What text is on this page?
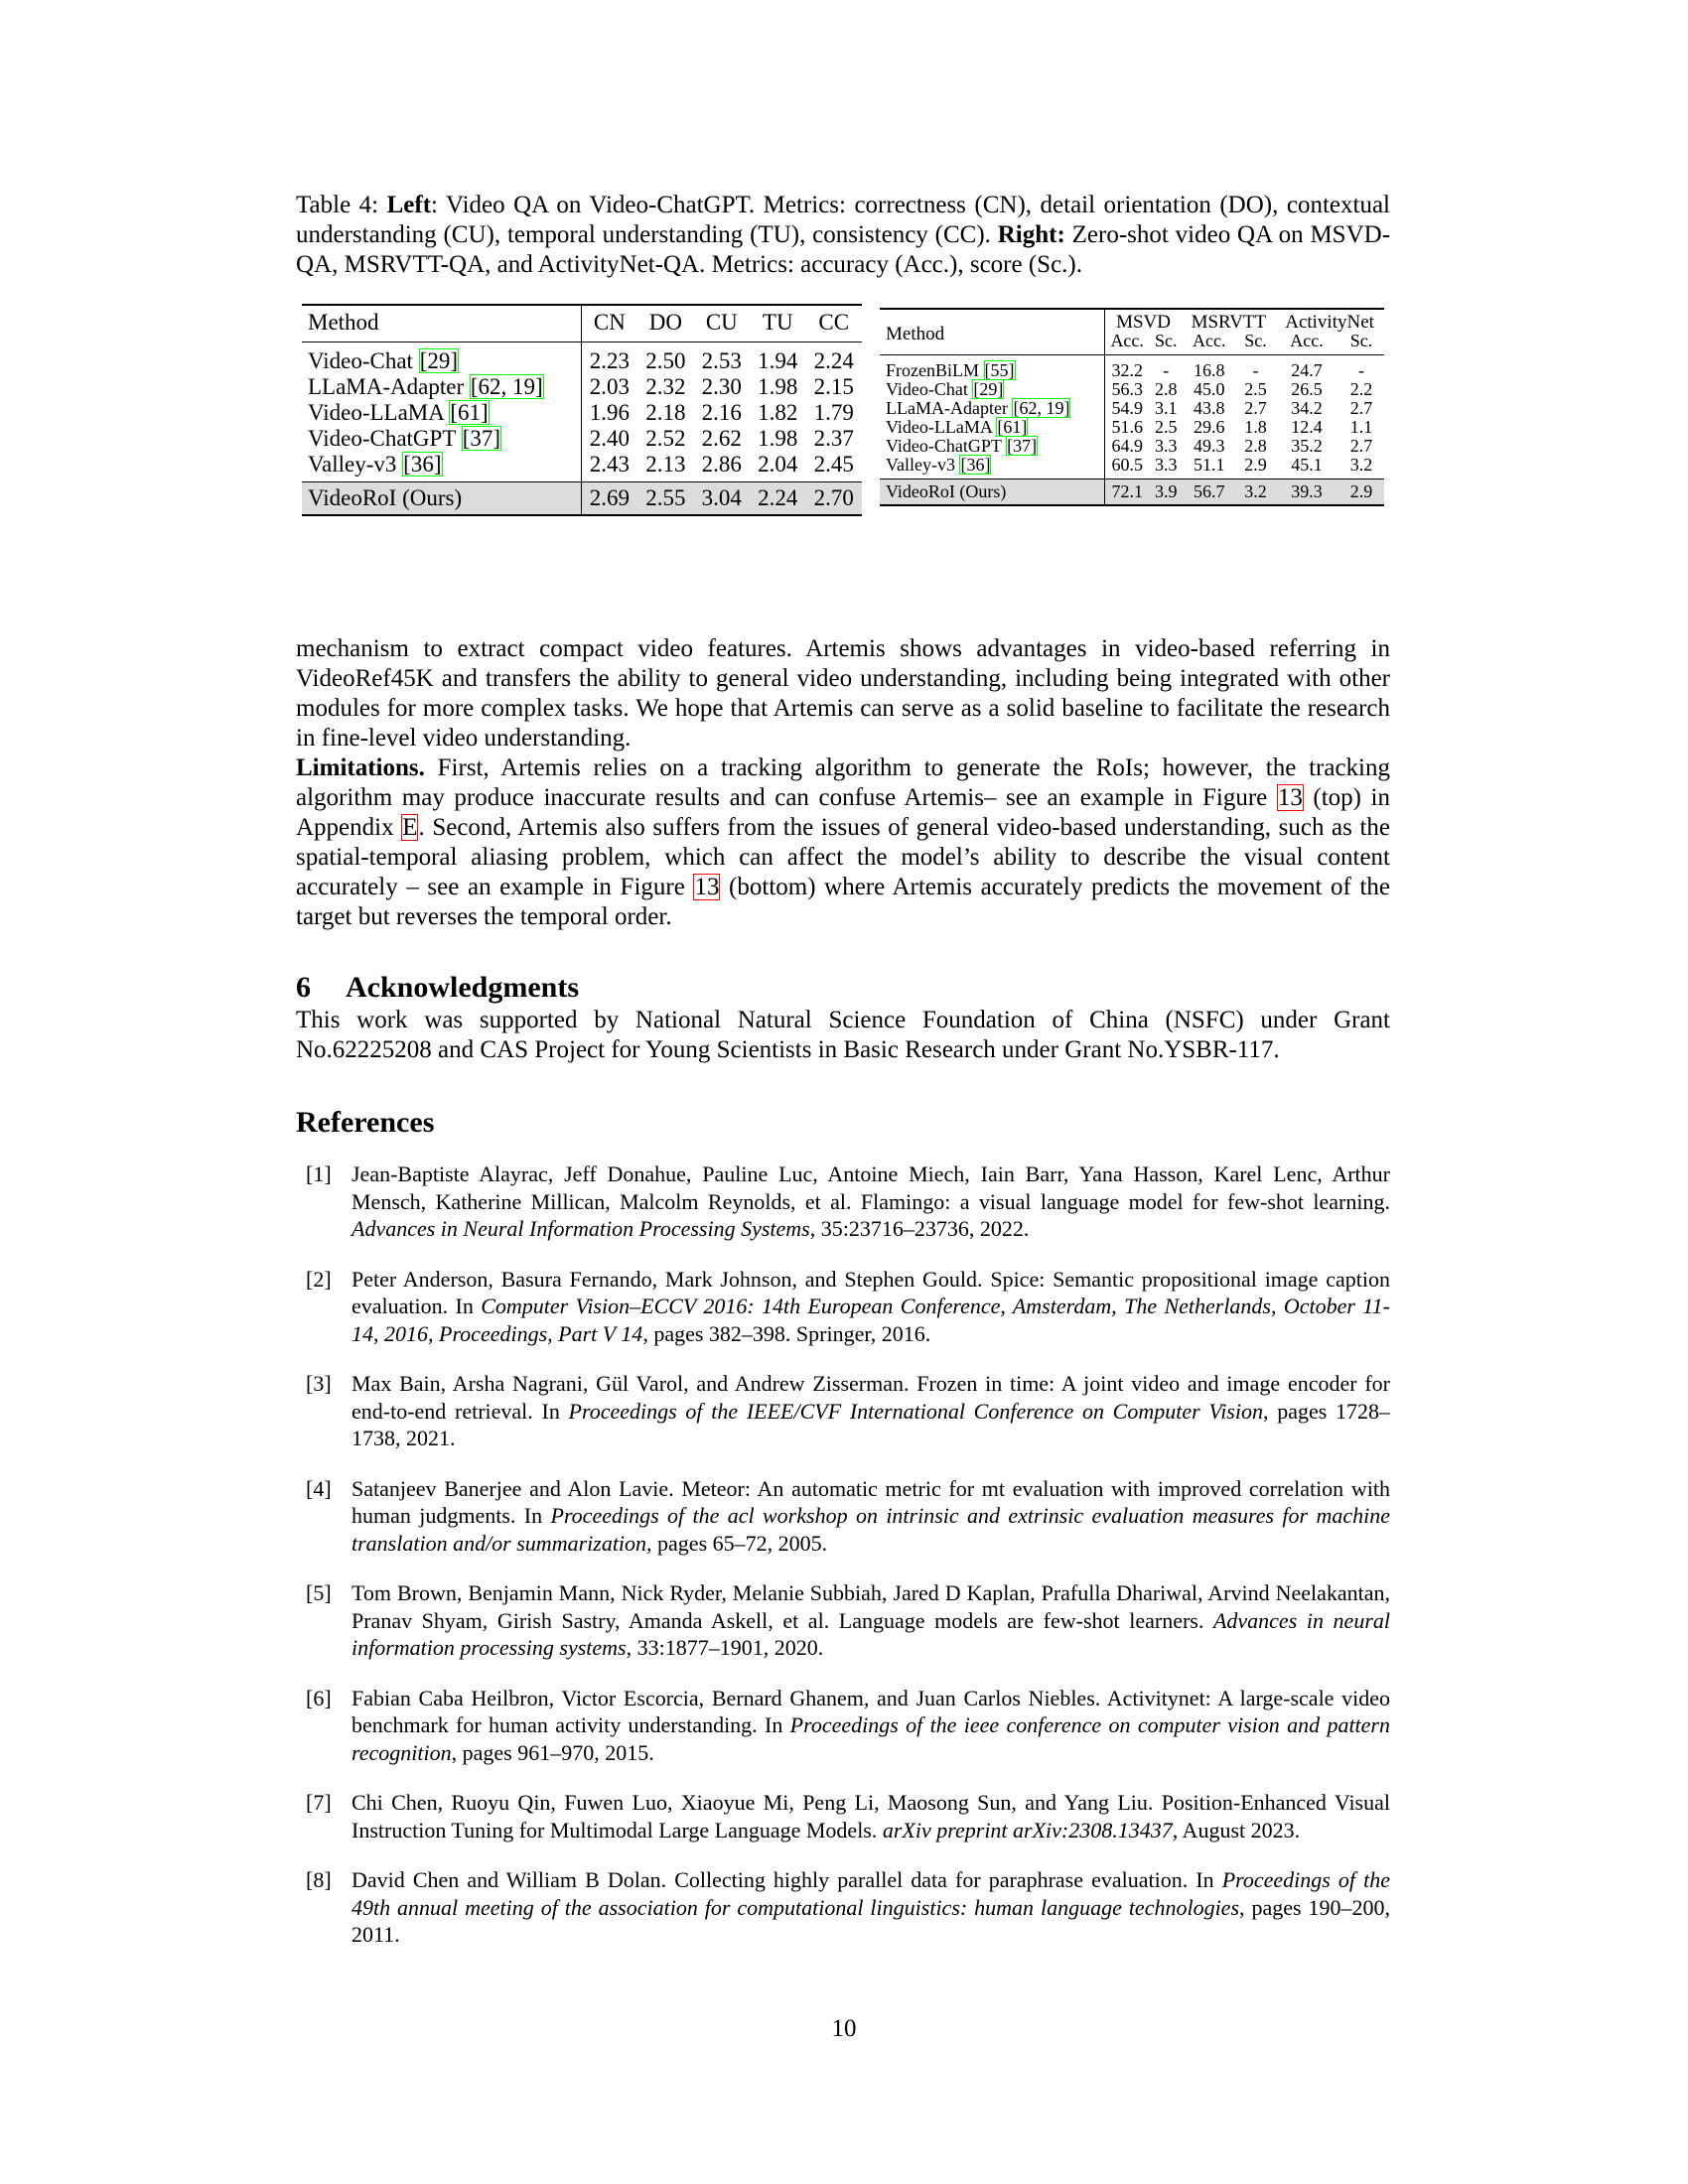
Table 4: Left: Video QA on Video-ChatGPT. Metrics: correctness (CN), detail orientation (DO), contextual understanding (CU), temporal understanding (TU), consistency (CC). Right: Zero-shot video QA on MSVD-QA, MSRVTT-QA, and ActivityNet-QA. Metrics: accuracy (Acc.), score (Sc.).

Method	CN	DO	CU	TU	CC
Video-Chat [29]	2.23	2.50	2.53	1.94	2.24
LLaMA-Adapter [62, 19]	2.03	2.32	2.30	1.98	2.15
Video-LLaMA [61]	1.96	2.18	2.16	1.82	1.79
Video-ChatGPT [37]	2.40	2.52	2.62	1.98	2.37
Valley-v3 [36]	2.43	2.13	2.86	2.04	2.45
VideoRoI (Ours)	2.69	2.55	3.04	2.24	2.70
Method	MSVD		MSRVTT		ActivityNet	
	Acc.	Sc.	Acc.	Sc.	Acc.	Sc.
FrozenBiLM [55]	32.2	-	16.8	-	24.7	-
Video-Chat [29]	56.3	2.8	45.0	2.5	26.5	2.2
LLaMA-Adapter [62, 19]	54.9	3.1	43.8	2.7	34.2	2.7
Video-LLaMA [61]	51.6	2.5	29.6	1.8	12.4	1.1
Video-ChatGPT [37]	64.9	3.3	49.3	2.8	35.2	2.7
Valley-v3 [36]	60.5	3.3	51.1	2.9	45.1	3.2
VideoRoI (Ours)	72.1	3.9	56.7	3.2	39.3	2.9

mechanism to extract compact video features. Artemis shows advantages in video-based referring in VideoRef45K and transfers the ability to general video understanding, including being integrated with other modules for more complex tasks. We hope that Artemis can serve as a solid baseline to facilitate the research in fine-level video understanding.

Limitations. First, Artemis relies on a tracking algorithm to generate the RoIs; however, the tracking algorithm may produce inaccurate results and can confuse Artemis– see an example in Figure 13 (top) in Appendix E. Second, Artemis also suffers from the issues of general video-based understanding, such as the spatial-temporal aliasing problem, which can affect the model’s ability to describe the visual content accurately – see an example in Figure 13 (bottom) where Artemis accurately predicts the movement of the target but reverses the temporal order.

6 Acknowledgments

This work was supported by National Natural Science Foundation of China (NSFC) under Grant No.62225208 and CAS Project for Young Scientists in Basic Research under Grant No.YSBR-117.

References
[1] Jean-Baptiste Alayrac, Jeff Donahue, Pauline Luc, Antoine Miech, Iain Barr, Yana Hasson, Karel Lenc, Arthur Mensch, Katherine Millican, Malcolm Reynolds, et al. Flamingo: a visual language model for few-shot learning. Advances in Neural Information Processing Systems, 35:23716–23736, 2022.
[2] Peter Anderson, Basura Fernando, Mark Johnson, and Stephen Gould. Spice: Semantic propositional image caption evaluation. In Computer Vision–ECCV 2016: 14th European Conference, Amsterdam, The Netherlands, October 11-14, 2016, Proceedings, Part V 14, pages 382–398. Springer, 2016.
[3] Max Bain, Arsha Nagrani, Gül Varol, and Andrew Zisserman. Frozen in time: A joint video and image encoder for end-to-end retrieval. In Proceedings of the IEEE/CVF International Conference on Computer Vision, pages 1728–1738, 2021.
[4] Satanjeev Banerjee and Alon Lavie. Meteor: An automatic metric for mt evaluation with improved correlation with human judgments. In Proceedings of the acl workshop on intrinsic and extrinsic evaluation measures for machine translation and/or summarization, pages 65–72, 2005.
[5] Tom Brown, Benjamin Mann, Nick Ryder, Melanie Subbiah, Jared D Kaplan, Prafulla Dhariwal, Arvind Neelakantan, Pranav Shyam, Girish Sastry, Amanda Askell, et al. Language models are few-shot learners. Advances in neural information processing systems, 33:1877–1901, 2020.
[6] Fabian Caba Heilbron, Victor Escorcia, Bernard Ghanem, and Juan Carlos Niebles. Activitynet: A large-scale video benchmark for human activity understanding. In Proceedings of the ieee conference on computer vision and pattern recognition, pages 961–970, 2015.
[7] Chi Chen, Ruoyu Qin, Fuwen Luo, Xiaoyue Mi, Peng Li, Maosong Sun, and Yang Liu. Position-Enhanced Visual Instruction Tuning for Multimodal Large Language Models. arXiv preprint arXiv:2308.13437, August 2023.
[8] David Chen and William B Dolan. Collecting highly parallel data for paraphrase evaluation. In Proceedings of the 49th annual meeting of the association for computational linguistics: human language technologies, pages 190–200, 2011.
10
